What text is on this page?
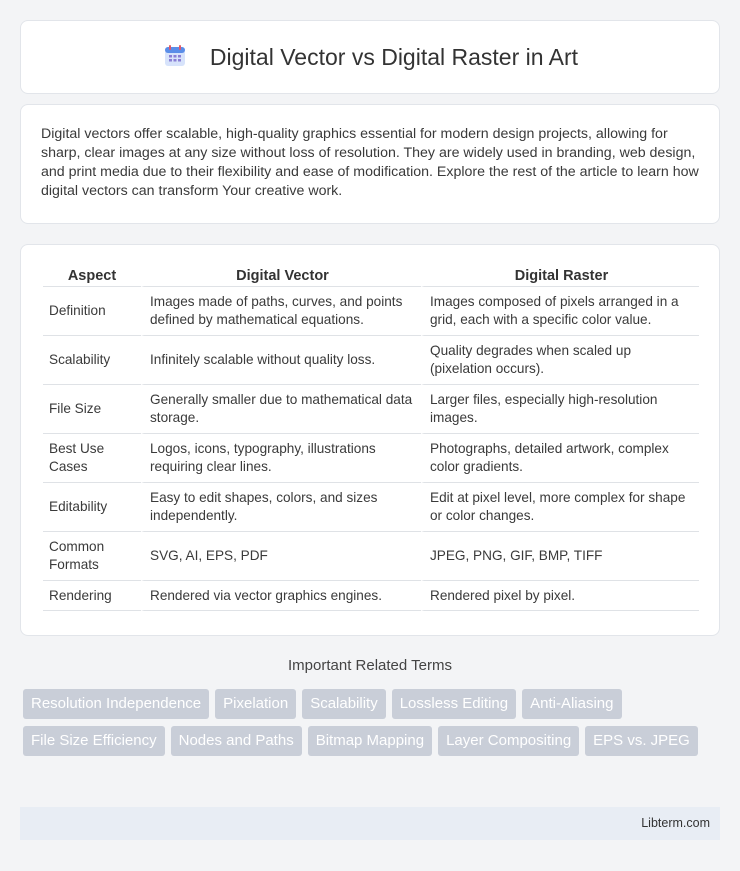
Digital Vector vs Digital Raster in Art

Digital vectors offer scalable, high-quality graphics essential for modern design projects, allowing for sharp, clear images at any size without loss of resolution. They are widely used in branding, web design, and print media due to their flexibility and ease of modification. Explore the rest of the article to learn how digital vectors can transform Your creative work.

Aspect	Digital Vector	Digital Raster
Definition	Images made of paths, curves, and points defined by mathematical equations.	Images composed of pixels arranged in a grid, each with a specific color value.
Scalability	Infinitely scalable without quality loss.	Quality degrades when scaled up (pixelation occurs).
File Size	Generally smaller due to mathematical data storage.	Larger files, especially high-resolution images.
Best Use Cases	Logos, icons, typography, illustrations requiring clear lines.	Photographs, detailed artwork, complex color gradients.
Editability	Easy to edit shapes, colors, and sizes independently.	Edit at pixel level, more complex for shape or color changes.
Common Formats	SVG, AI, EPS, PDF	JPEG, PNG, GIF, BMP, TIFF
Rendering	Rendered via vector graphics engines.	Rendered pixel by pixel.
Important Related Terms
Resolution Independence	Pixelation	Scalability	Lossless Editing	Anti-Aliasing
File Size Efficiency	Nodes and Paths	Bitmap Mapping	Layer Compositing	EPS vs. JPEG
Libterm.com
